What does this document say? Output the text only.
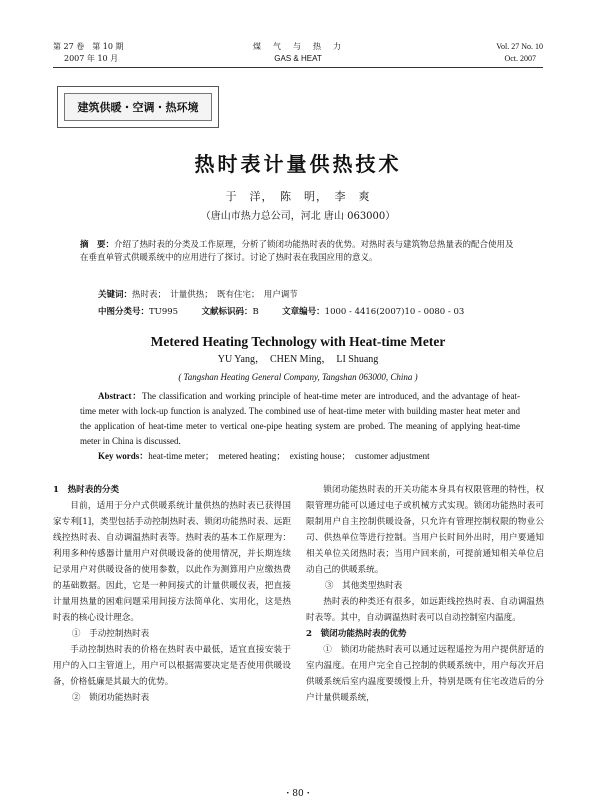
第 27 卷　第 10 期
2007 年 10 月
煤　气　与　热　力
GAS & HEAT
Vol. 27 No. 10
Oct. 2007
建筑供暖・空调・热环境
热时表计量供热技术
于　洋，　陈　明，　李　爽
（唐山市热力总公司，河北 唐山 063000）
摘　要：介绍了热时表的分类及工作原理，分析了锁闭功能热时表的优势。对热时表与建筑物总热量表的配合使用及在垂直单管式供暖系统中的应用进行了探讨。讨论了热时表在我国应用的意义。
关键词：热时表；　计量供热；　既有住宅；　用户调节
中图分类号：TU995	文献标识码：B	文章编号：1000 - 4416(2007)10 - 0080 - 03
Metered Heating Technology with Heat-time Meter
YU Yang，　CHEN Ming，　LI Shuang
( Tangshan Heating General Company, Tangshan 063000, China )
Abstract：The classification and working principle of heat-time meter are introduced, and the advantage of heat-time meter with lock-up function is analyzed. The combined use of heat-time meter with building master heat meter and the application of heat-time meter to vertical one-pipe heating system are probed. The meaning of applying heat-time meter in China is discussed.
Key words：heat-time meter；　metered heating；　existing house；　customer adjustment

1　热时表的分类

目前，适用于分户式供暖系统计量供热的热时表已获得国家专利[1]，类型包括手动控制热时表、锁闭功能热时表、远距线控热时表、自动调温热时表等。热时表的基本工作原理为：利用多种传感器计量用户对供暖设备的使用情况，并长期连续记录用户对供暖设备的使用参数，以此作为测算用户应缴热费的基础数据。因此，它是一种间接式的计量供暖仪表，把直接计量用热量的困难问题采用间接方法简单化、实用化，这是热时表的核心设计理念。

①　手动控制热时表

手动控制热时表的价格在热时表中最低，适宜直接安装于用户的入口主管道上，用户可以根据需要决定是否使用供暖设备，价格低廉是其最大的优势。

②　锁闭功能热时表

锁闭功能热时表的开关功能本身具有权限管理的特性，权限管理功能可以通过电子或机械方式实现。锁闭功能热时表可限制用户自主控制供暖设备，只允许有管理控制权限的物业公司、供热单位等进行控制。当用户长时间外出时，用户要通知相关单位关闭热时表；当用户回来前，可提前通知相关单位启动自己的供暖系统。

③　其他类型热时表

热时表的种类还有很多，如远距线控热时表、自动调温热时表等。其中，自动调温热时表可以自动控制室内温度。

2　锁闭功能热时表的优势

①　锁闭功能热时表可以通过远程遥控为用户提供舒适的室内温度。在用户完全自己控制的供暖系统中，用户每次开启供暖系统后室内温度要缓慢上升，特别是既有住宅改造后的分户计量供暖系统，

・80・
